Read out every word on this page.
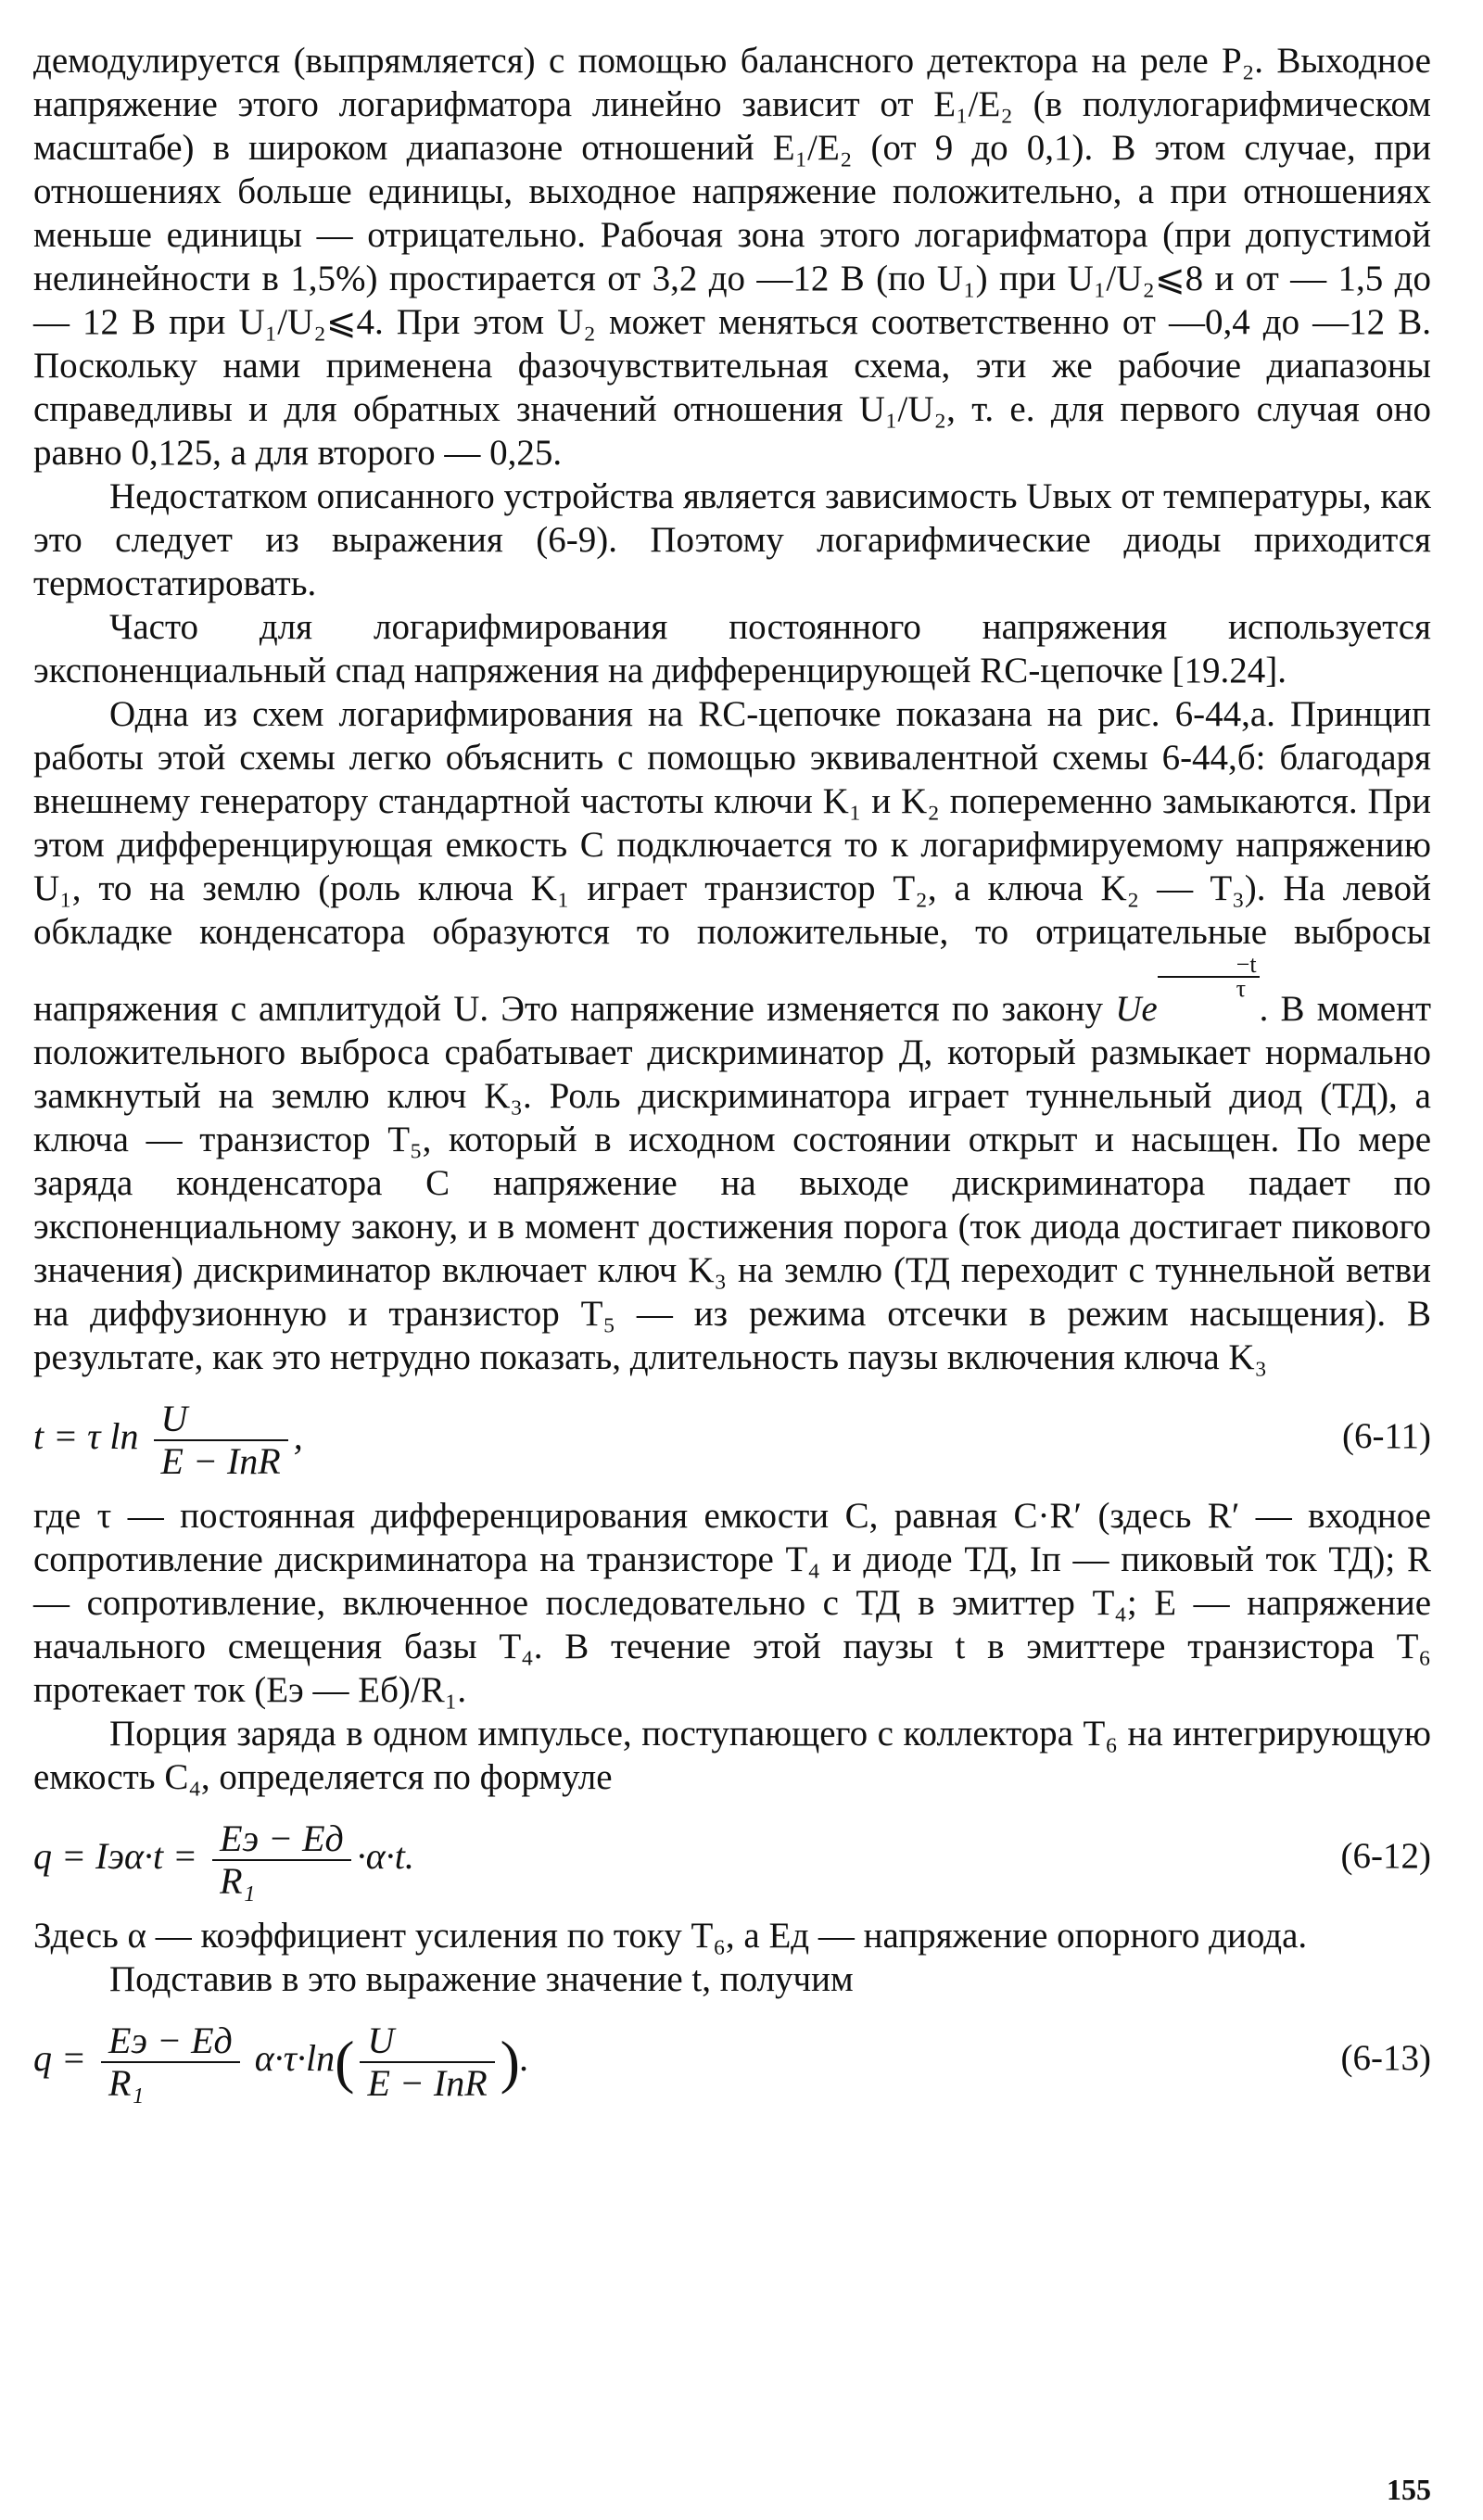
демодулируется (выпрямляется) с помощью балансного детектора на реле P₂. Выходное напряжение этого логарифматора линейно зависит от E₁/E₂ (в полулогарифмическом масштабе) в широком диапазоне отношений E₁/E₂ (от 9 до 0,1). В этом случае, при отношениях больше единицы, выходное напряжение положительно, а при отношениях меньше единицы — отрицательно. Рабочая зона этого логарифматора (при допустимой нелинейности в 1,5%) простирается от 3,2 до —12 В (по U₁) при U₁/U₂⩽8 и от — 1,5 до — 12 В при U₁/U₂⩽4. При этом U₂ может меняться соответственно от —0,4 до —12 В. Поскольку нами применена фазочувствительная схема, эти же рабочие диапазоны справедливы и для обратных значений отношения U₁/U₂, т. е. для первого случая оно равно 0,125, а для второго — 0,25.

Недостатком описанного устройства является зависимость Uвых от температуры, как это следует из выражения (6-9). Поэтому логарифмические диоды приходится термостатировать.

Часто для логарифмирования постоянного напряжения используется экспоненциальный спад напряжения на дифференцирующей RC-цепочке [19.24].

Одна из схем логарифмирования на RC-цепочке показана на рис. 6-44,а. Принцип работы этой схемы легко объяснить с помощью эквивалентной схемы 6-44,б: благодаря внешнему генератору стандартной частоты ключи K₁ и K₂ попеременно замыкаются. При этом дифференцирующая емкость C подключается то к логарифмируемому напряжению U₁, то на землю (роль ключа K₁ играет транзистор T₂, а ключа K₂ — T₃). На левой обкладке конденсатора образуются то положительные, то отрицательные выбросы напряжения с амплитудой U. Это напряжение изменяется по закону Ue
$\frac{-t}{\tau}$
. В момент положительного выброса срабатывает дискриминатор Д, который размыкает нормально замкнутый на землю ключ K₃. Роль дискриминатора играет туннельный диод (ТД), а ключа — транзистор T₅, который в исходном состоянии открыт и насыщен. По мере заряда конденсатора C напряжение на выходе дискриминатора падает по экспоненциальному закону, и в момент достижения порога (ток диода достигает пикового значения) дискриминатор включает ключ K₃ на землю (ТД переходит с туннельной ветви на диффузионную и транзистор T₅ — из режима отсечки в режим насыщения). В результате, как это нетрудно показать, длительность паузы включения ключа K₃

t = τ $\ln \frac{U}{\text{E − IпR}}$ ,	(6-11)

где τ — постоянная дифференцирования емкости C, равная C·R′ (здесь R′ — входное сопротивление дискриминатора на транзисторе T₄ и диоде ТД, Iп — пиковый ток ТД); R — сопротивление, включенное последовательно с ТД в эмиттер T₄; E — напряжение начального смещения базы T₄. В течение этой паузы t в эмиттере транзистора T₆ протекает ток (Eэ — Eб)/R₁.

Порция заряда в одном импульсе, поступающего с коллектора T₆ на интегрирующую емкость C₄, определяется по формуле

$q = Iэ\alpha\cdot t = \frac{Eэ - Eд}{\text{R₁}} \cdot\alpha\cdot t$.	(6-12)

Здесь α — коэффициент усиления по току T₆, а Eд — напряжение опорного диода.

Подставив в это выражение значение t, получим

$q = \frac{Eэ - Eд}{\text{R₁}} \alpha\cdot\tau\cdot\ln( \frac{U}{\text{E − IпR}}$ ).	(6-13)
155
